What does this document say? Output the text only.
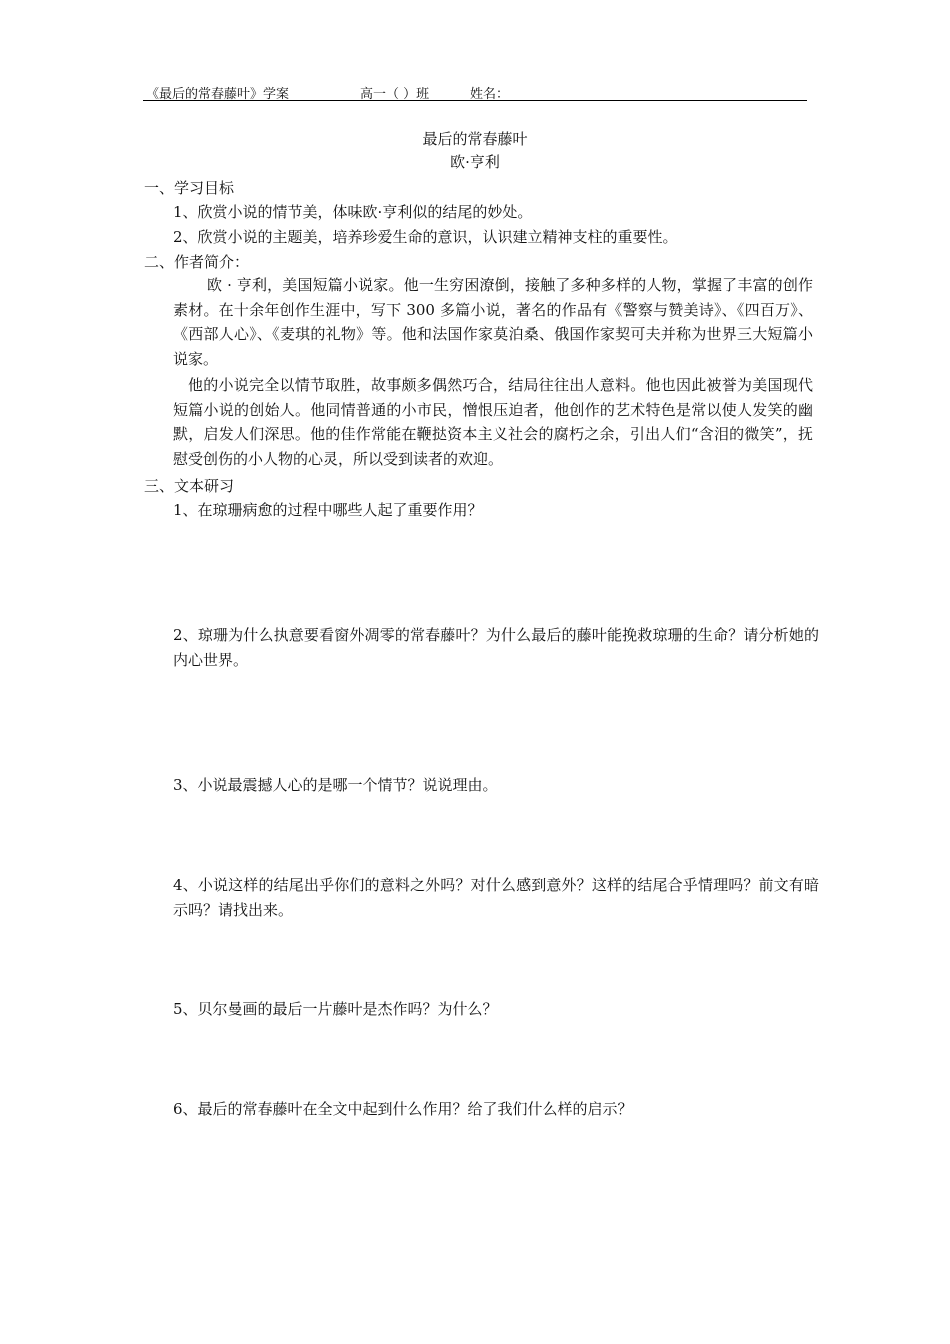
《最后的常春藤叶》学案	高一（ ）班	姓名：
最后的常春藤叶
欧·亨利
一、学习目标
1、欣赏小说的情节美，体味欧·亨利似的结尾的妙处。
2、欣赏小说的主题美，培养珍爱生命的意识，认识建立精神支柱的重要性。
二、作者简介：
欧 · 亨利，美国短篇小说家。他一生穷困潦倒，接触了多种多样的人物，掌握了丰富的创作素材。在十余年创作生涯中，写下 300 多篇小说，著名的作品有《警察与赞美诗》、《四百万》、《西部人心》、《麦琪的礼物》等。他和法国作家莫泊桑、俄国作家契可夫并称为世界三大短篇小说家。
他的小说完全以情节取胜，故事颇多偶然巧合，结局往往出人意料。他也因此被誉为美国现代短篇小说的创始人。他同情普通的小市民，憎恨压迫者，他创作的艺术特色是常以使人发笑的幽默，启发人们深思。他的佳作常能在鞭挞资本主义社会的腐朽之余，引出人们“含泪的微笑”，抚慰受创伤的小人物的心灵，所以受到读者的欢迎。
三、文本研习
1、在琼珊病愈的过程中哪些人起了重要作用？
2、琼珊为什么执意要看窗外凋零的常春藤叶？为什么最后的藤叶能挽救琼珊的生命？请分析她的内心世界。
3、小说最震撼人心的是哪一个情节？说说理由。
4、小说这样的结尾出乎你们的意料之外吗？对什么感到意外？这样的结尾合乎情理吗？前文有暗示吗？请找出来。
5、贝尔曼画的最后一片藤叶是杰作吗？为什么？
6、最后的常春藤叶在全文中起到什么作用？给了我们什么样的启示？
